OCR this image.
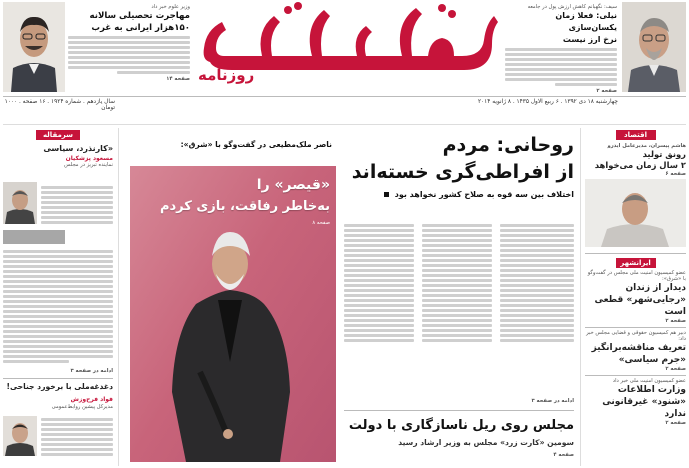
وزیر علوم خبر داد
مهاجرت تحصیلی سالانه
۱۵۰هزار ایرانی به غرب
صفحه ۱۴ روزنامه
سیف: نگهبانم کاهش ارزش پول در جامعه
نیلی: فعلا زمان یکسان‌سازی
نرخ ارز نیست
صفحه ۲
چهارشنبه ۱۸ دی ۱۳۹۲ . ۶ ربیع الاول ۱۴۳۵ . ۸ ژانویه ۲۰۱۴
سال یازدهم . شماره ۱۹۲۴ . ۱۶ صفحه . ۱۰۰۰ تومان
سرمقاله
«کارنذرد، سیاسی
مسعود پزشکیان
نماینده تبریز در مجلس
ادامه در صفحه ۳
دغدغه‌ملی با برخورد جناحی!
فواد فرح‌وزش
مدیرکل پیشین روابط‌عمومی
ناصر ملک‌مطیعی در گفت‌وگو با «شرق»:
«قیصر» را
به‌خاطر رفاقت، بازی کردم
صفحه ۸
روحانی: مردم
از افراطی‌گری خسته‌اند
اختلاف بین سه قوه به صلاح کشور نخواهد بود
ادامه در صفحه ۳
مجلس روی ریل ناسازگاری با دولت
سومین «کارت زرد» مجلس به وزیر ارشاد رسید
صفحه ۴
اقتصاد
هاشم پیسران، مدیرعامل ایدرو
رونق تولید
۲ سال زمان می‌خواهد
صفحه ۶
ایرانشهر
عضو کمیسیون امنیت ملی مجلس در گفت‌وگو با «شرق»:
دیدار از زندان
«رجایی‌شهر» قطعی است
صفحه ۲
دبیر هم کمیسیون حقوقی و قضایی مجلس خبر داد:
تعریف مناقشه‌برانگیز
«جرم سیاسی»
صفحه ۲
عضو کمیسیون امنیت ملی خبر داد
وزارت اطلاعات
«شنود» غیرقانونی ندارد
صفحه ۲
